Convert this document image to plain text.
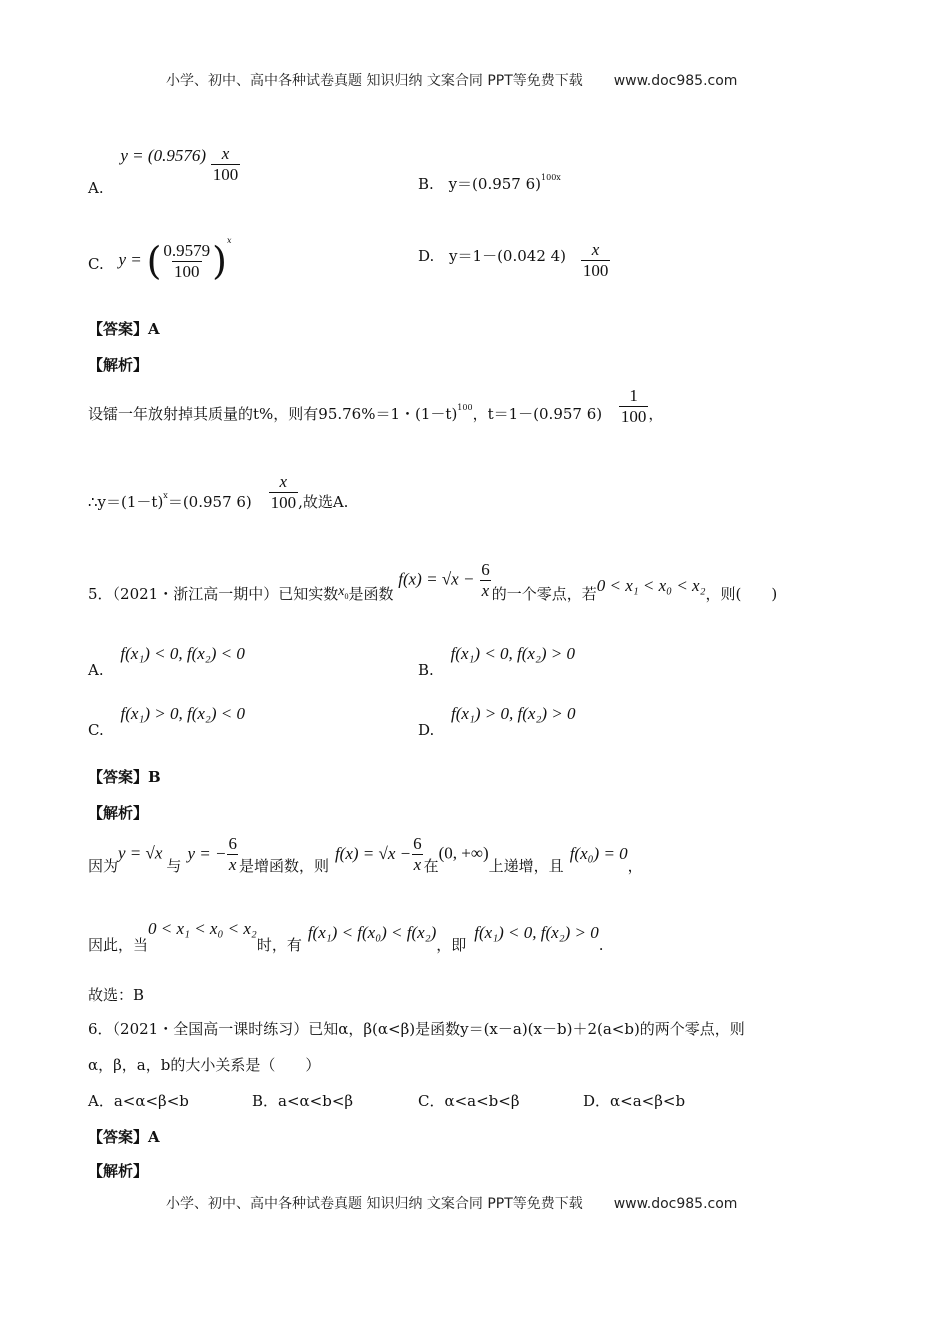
小学、初中、高中各种试卷真题 知识归纳 文案合同 PPT等免费下载 www.doc985.com
A. $y = (0.9576) \frac{x}{100}$	B. y＝(0.957 6)$^{100x}$
C. y = ( $\frac{0.9579}{100} )^x$
D. y＝1－(0.042 $4) \frac{x}{100}$
【答案】A
【解析】
设镭一年放射掉其质量的t%，则有95.76%＝1・$(1-t)^{100}$，t＝1－(0.957 $6) \frac{1}{100}$ ，
$\therefore y=(1-t)^x=(0.957$ $6) \frac{x}{100}$ ,故选A.
5．（2021・浙江高一期中）已知实数$x_0$是函数 $f(x) = √x - \frac{6}{x}$ 的一个零点，若0 < x₁ < x₀ < x₂，则(　　)
A. f(x₁) < 0, f(x₂) < 0
B. f(x₁) < 0, f(x₂) > 0
C. f(x₁) > 0, f(x₂) < 0
D. f(x₁) > 0, f(x₂) > 0
【答案】B
【解析】
因为y = √x与y = − $\frac{6}{x}$ 是增函数，则$f(x) = √x - \frac{6}{x}$ 在(0, +∞)上递增，且f(x₀) = 0，
因此，当0 < x₁ < x₀ < x₂时，有f(x₁) < f(x₀) < f(x₂)，即f(x₁) < 0, f(x₂) > 0.
故选：B
6．（2021・全国高一课时练习）已知α，β(α<β)是函数y＝(x－a)(x－b)＋2(a<b)的两个零点，则
α，β，a，b的大小关系是（　　）
A．a<α<β<b	B．a<α<b<β	C．α<a<b<β	D．α<a<β<b
【答案】A
【解析】
小学、初中、高中各种试卷真题 知识归纳 文案合同 PPT等免费下载 www.doc985.com
